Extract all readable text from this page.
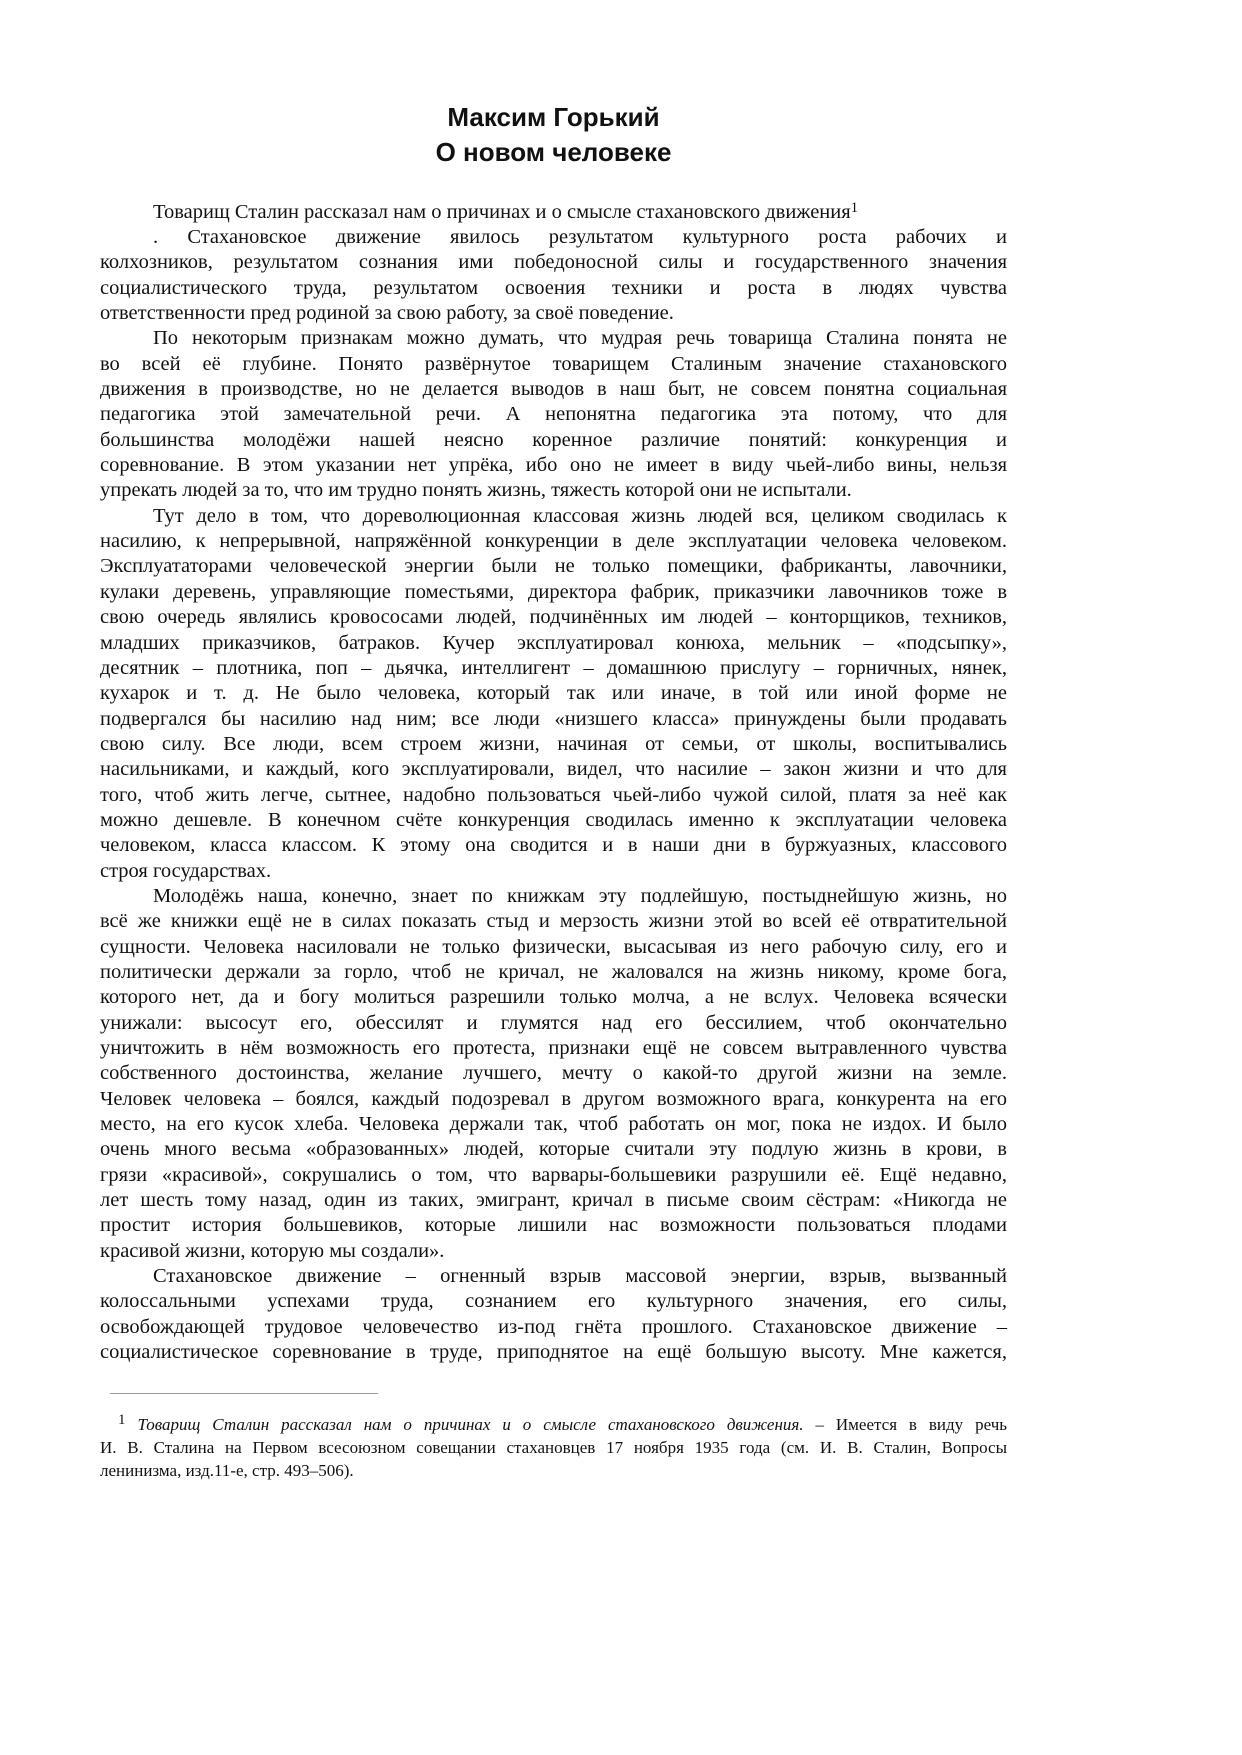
Максим Горький
О новом человеке
Товарищ Сталин рассказал нам о причинах и о смысле стахановского движения$^1$
. Стахановское движение явилось результатом культурного роста рабочих и
колхозников, результатом сознания ими победоносной силы и государственного значения
социалистического труда, результатом освоения техники и роста в людях чувства
ответственности пред родиной за свою работу, за своё поведение.
По некоторым признакам можно думать, что мудрая речь товарища Сталина понята не
во всей её глубине. Понято развёрнутое товарищем Сталиным значение стахановского
движения в производстве, но не делается выводов в наш быт, не совсем понятна социальная
педагогика этой замечательной речи. А непонятна педагогика эта потому, что для
большинства молодёжи нашей неясно коренное различие понятий: конкуренция и
соревнование. В этом указании нет упрёка, ибо оно не имеет в виду чьей-либо вины, нельзя
упрекать людей за то, что им трудно понять жизнь, тяжесть которой они не испытали.
Тут дело в том, что дореволюционная классовая жизнь людей вся, целиком сводилась к
насилию, к непрерывной, напряжённой конкуренции в деле эксплуатации человека человеком.
Эксплуататорами человеческой энергии были не только помещики, фабриканты, лавочники,
кулаки деревень, управляющие поместьями, директора фабрик, приказчики лавочников тоже в
свою очередь являлись кровососами людей, подчинённых им людей – конторщиков, техников,
младших приказчиков, батраков. Кучер эксплуатировал конюха, мельник – «подсыпку»,
десятник – плотника, поп – дьячка, интеллигент – домашнюю прислугу – горничных, нянек,
кухарок и т. д. Не было человека, который так или иначе, в той или иной форме не
подвергался бы насилию над ним; все люди «низшего класса» принуждены были продавать
свою силу. Все люди, всем строем жизни, начиная от семьи, от школы, воспитывались
насильниками, и каждый, кого эксплуатировали, видел, что насилие – закон жизни и что для
того, чтоб жить легче, сытнее, надобно пользоваться чьей-либо чужой силой, платя за неё как
можно дешевле. В конечном счёте конкуренция сводилась именно к эксплуатации человека
человеком, класса классом. К этому она сводится и в наши дни в буржуазных, классового
строя государствах.
Молодёжь наша, конечно, знает по книжкам эту подлейшую, постыднейшую жизнь, но
всё же книжки ещё не в силах показать стыд и мерзость жизни этой во всей её отвратительной
сущности. Человека насиловали не только физически, высасывая из него рабочую силу, его и
политически держали за горло, чтоб не кричал, не жаловался на жизнь никому, кроме бога,
которого нет, да и богу молиться разрешили только молча, а не вслух. Человека всячески
унижали: высосут его, обессилят и глумятся над его бессилием, чтоб окончательно
уничтожить в нём возможность его протеста, признаки ещё не совсем вытравленного чувства
собственного достоинства, желание лучшего, мечту о какой-то другой жизни на земле.
Человек человека – боялся, каждый подозревал в другом возможного врага, конкурента на его
место, на его кусок хлеба. Человека держали так, чтоб работать он мог, пока не издох. И было
очень много весьма «образованных» людей, которые считали эту подлую жизнь в крови, в
грязи «красивой», сокрушались о том, что варвары-большевики разрушили её. Ещё недавно,
лет шесть тому назад, один из таких, эмигрант, кричал в письме своим сёстрам: «Никогда не
простит история большевиков, которые лишили нас возможности пользоваться плодами
красивой жизни, которую мы создали».
Стахановское движение – огненный взрыв массовой энергии, взрыв, вызванный
колоссальными успехами труда, сознанием его культурного значения, его силы,
освобождающей трудовое человечество из-под гнёта прошлого. Стахановское движение –
социалистическое соревнование в труде, приподнятое на ещё большую высоту. Мне кажется,
$^1$ Товарищ Сталин рассказал нам о причинах и о смысле стахановского движения. – Имеется в виду речь
И. В. Сталина на Первом всесоюзном совещании стахановцев 17 ноября 1935 года (см. И. В. Сталин, Вопросы
ленинизма, изд.11-е, стр. 493–506).
